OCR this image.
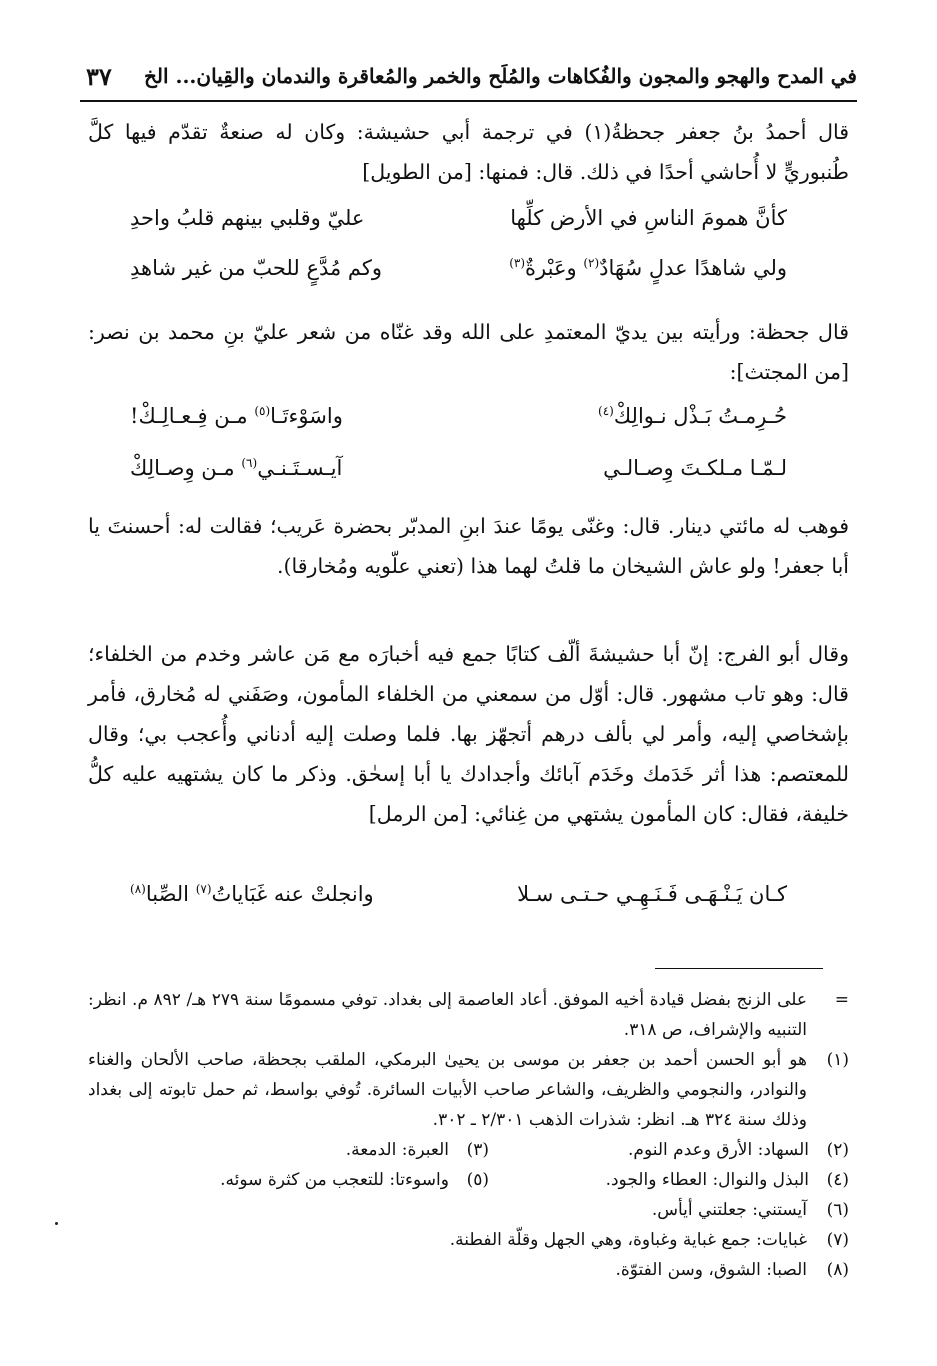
في المدح والهجو والمجون والفُكاهات والمُلَح والخمر والمُعاقرة والندمان والقِيان... الخ
٣٧

قال أحمدُ بنُ جعفر جحظةُ(١) في ترجمة أبي حشيشة: وكان له صنعةٌ تقدّم فيها كلَّ طُنبوريٍّ لا أُحاشي أحدًا في ذلك. قال: فمنها: [من الطويل]

كأنَّ همومَ الناسِ في الأرض كلِّها
عليّ وقلبي بينهم قلبُ واحدِ
ولي شاهدًا عدلٍ سُهَادٌ$^{(٢)}$ وعَبْرةٌ$^{(٣)}$
وكم مُدَّعٍ للحبّ من غير شاهدِ

قال جحظة: ورأيته بين يديّ المعتمدِ على الله وقد غنّاه من شعر عليّ بنِ محمد بن نصر: [من المجتث]:

حُـرِمـتُ بَـذْل نـوالِكْ$^{(٤)}$
واسَوْءتَـا$^{(٥)}$ مـن فِـعـالِـكْ!
لـمّـا مـلكـتَ وِصـالـي
آيـسـتَـنـي$^{(٦)}$ مـن وِصـالِكْ

فوهب له مائتي دينار. قال: وغنّى يومًا عندَ ابنِ المدبّر بحضرة عَريب؛ فقالت له: أحسنتَ يا أبا جعفر! ولو عاش الشيخان ما قلتُ لهما هذا (تعني علّويه ومُخارقا).

وقال أبو الفرج: إنّ أبا حشيشةَ ألّف كتابًا جمع فيه أخبارَه مع مَن عاشر وخدم من الخلفاء؛ قال: وهو تاب مشهور. قال: أوّل من سمعني من الخلفاء المأمون، وصَفَني له مُخارق، فأمر بإشخاصي إليه، وأمر لي بألف درهم أتجهّز بها. فلما وصلت إليه أدناني وأُعجب بي؛ وقال للمعتصم: هذا أثر خَدَمك وخَدَم آبائك وأجدادك يا أبا إسحٰق. وذكر ما كان يشتهيه عليه كلُّ خليفة، فقال: كان المأمون يشتهي من غِنائي: [من الرمل]

كـان يَـنْـهَـى فَـنَـهِـي حـتـى سـلا
وانجلتْ عنه غَبَاياتُ$^{(٧)}$ الصِّبا$^{(٨)}$

=
على الزنج بفضل قيادة أخيه الموفق. أعاد العاصمة إلى بغداد. توفي مسمومًا سنة ٢٧٩ هـ/ ٨٩٢ م. انظر: التنبيه والإشراف، ص ٣١٨.

(١)
هو أبو الحسن أحمد بن جعفر بن موسى بن يحيىٰ البرمكي، الملقب بجحظة، صاحب الألحان والغناء والنوادر، والنجومي والظريف، والشاعر صاحب الأبيات السائرة. تُوفي بواسط، ثم حمل تابوته إلى بغداد وذلك سنة ٣٢٤ هـ. انظر: شذرات الذهب ٢/٣٠١ ـ ٣٠٢.

(٢)السهاد: الأرق وعدم النوم.
(٣)العبرة: الدمعة.
(٤)البذل والنوال: العطاء والجود.
(٥)واسوءتا: للتعجب من كثرة سوئه.

(٦)
آيستني: جعلتني أيأس.

(٧)
غبايات: جمع غباية وغباوة، وهي الجهل وقلّة الفطنة.

(٨)
الصبا: الشوق، وسن الفتوّة.
